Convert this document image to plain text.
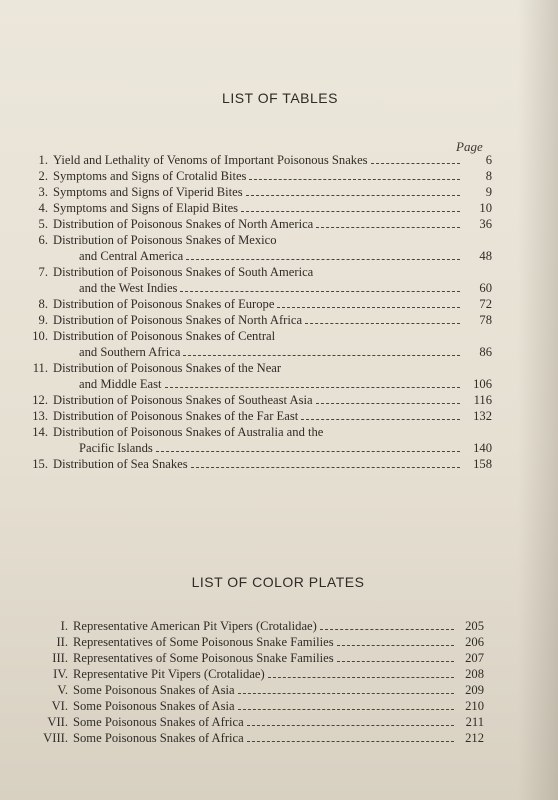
LIST OF TABLES
Page
1. Yield and Lethality of Venoms of Important Poisonous Snakes	6
2. Symptoms and Signs of Crotalid Bites	8
3. Symptoms and Signs of Viperid Bites	9
4. Symptoms and Signs of Elapid Bites	10
5. Distribution of Poisonous Snakes of North America	36
6. Distribution of Poisonous Snakes of Mexico
and Central America	48
7. Distribution of Poisonous Snakes of South America
and the West Indies	60
8. Distribution of Poisonous Snakes of Europe	72
9. Distribution of Poisonous Snakes of North Africa	78
10. Distribution of Poisonous Snakes of Central
and Southern Africa	86
11. Distribution of Poisonous Snakes of the Near
and Middle East	106
12. Distribution of Poisonous Snakes of Southeast Asia	116
13. Distribution of Poisonous Snakes of the Far East	132
14. Distribution of Poisonous Snakes of Australia and the
Pacific Islands	140
15. Distribution of Sea Snakes	158
LIST OF COLOR PLATES
I. Representative American Pit Vipers (Crotalidae)	205
II. Representatives of Some Poisonous Snake Families	206
III. Representatives of Some Poisonous Snake Families	207
IV. Representative Pit Vipers (Crotalidae)	208
V. Some Poisonous Snakes of Asia	209
VI. Some Poisonous Snakes of Asia	210
VII. Some Poisonous Snakes of Africa	211
VIII. Some Poisonous Snakes of Africa	212
